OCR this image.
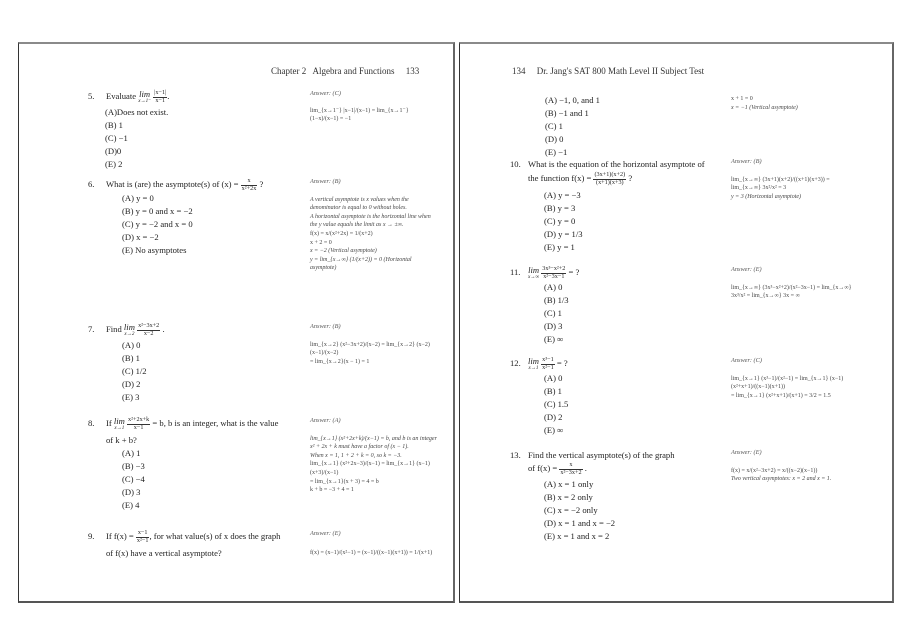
Chapter 2   Algebra and Functions     133
5. Evaluate lim
x→1⁻
$\frac{|x-1|}{x-1}$ .
(A)Does not exist.
(B) 1
(C) −1
(D)0
(E) 2

Answer: (C)

lim_{x→1⁻} |x−1|/(x−1) = lim_{x→1⁻} (1−x)/(x−1) = −1

6. What is (are) the asymptote(s) of $(x) = \frac{x}{\text{x²+2x}}$ ?
(A) y = 0
(B) y = 0 and x = −2
(C) y = −2 and x = 0
(D) x = −2
(E) No asymptotes

Answer: (B)

A vertical asymptote is x values when the denominator is equal to 0 without holes.

A horizontal asymptote is the horizontal line when the y value equals the limit as x → ±∞.

f(x) = x/(x²+2x) = 1/(x+2)

x + 2 = 0

x = −2 (Vertical asymptote)

y = lim_{x→∞} (1/(x+2)) = 0 (Horizontal asymptote)

7. Find lim
x→2
$\frac{\text{x²−3x+2}}{x-2}$ .
(A) 0
(B) 1
(C) 1/2
(D) 2
(E) 3

Answer: (B)

lim_{x→2} (x²−3x+2)/(x−2) = lim_{x→2} (x−2)(x−1)/(x−2)

= lim_{x→2}(x − 1) = 1

8. If lim
x→1
$\frac{\text{x²+2x+k}}{x-1} = b$, b is an integer, what is the value
of k + b?
(A) 1
(B) −3
(C) −4
(D) 3
(E) 4

Answer: (A)

lim_{x→1} (x²+2x+k)/(x−1) = b, and b is an integer

x² + 2x + k must have a factor of (x − 1).

When x = 1, 1 + 2 + k = 0, so k = −3.

lim_{x→1} (x²+2x−3)/(x−1) = lim_{x→1} (x−1)(x+3)/(x−1)

= lim_{x→1}(x + 3) = 4 = b

k + b = −3 + 4 = 1

9. If $f(x) = \frac{x-1}{\text{x²−1}}$ , for what value(s) of x does the graph
of f(x) have a vertical asymptote?

Answer: (E)

f(x) = (x−1)/(x²−1) = (x−1)/((x−1)(x+1)) = 1/(x+1)

134     Dr. Jang's SAT 800 Math Level II Subject Test
(A) −1, 0, and 1
(B) −1 and 1
(C) 1
(D) 0
(E) −1

x + 1 = 0

x = −1 (Vertical asymptote)

10. What is the equation of the horizontal asymptote of
the function $f(x) = \frac{(3x+1)(x+2)}{(x+1)(x+3)}$ ?
(A) y = −3
(B) y = 3
(C) y = 0
(D) y = 1/3
(E) y = 1

Answer: (B)

lim_{x→∞} (3x+1)(x+2)/((x+1)(x+3)) = lim_{x→∞} 3x²/x² = 3

y = 3 (Horizontal asymptote)

11. lim
x→∞
$\frac{\text{3x³−x²+2}}{\text{x²−3x−1}}$ = ?
(A) 0
(B) 1/3
(C) 1
(D) 3
(E) ∞

Answer: (E)

lim_{x→∞} (3x³−x²+2)/(x²−3x−1) = lim_{x→∞} 3x³/x² = lim_{x→∞} 3x = ∞

12. lim
x→1
$\frac{\text{x³−1}}{\text{x²−1}}$ = ?
(A) 0
(B) 1
(C) 1.5
(D) 2
(E) ∞

Answer: (C)

lim_{x→1} (x³−1)/(x²−1) = lim_{x→1} (x−1)(x²+x+1)/((x−1)(x+1))

= lim_{x→1} (x²+x+1)/(x+1) = 3/2 = 1.5

13. Find the vertical asymptote(s) of the graph
of $f(x) = \frac{x}{\text{x²−3x+2}}$ .
(A) x = 1 only
(B) x = 2 only
(C) x = −2 only
(D) x = 1 and x = −2
(E) x = 1 and x = 2

Answer: (E)

f(x) = x/(x²−3x+2) = x/((x−2)(x−1))

Two vertical asymptotes: x = 2 and x = 1.
